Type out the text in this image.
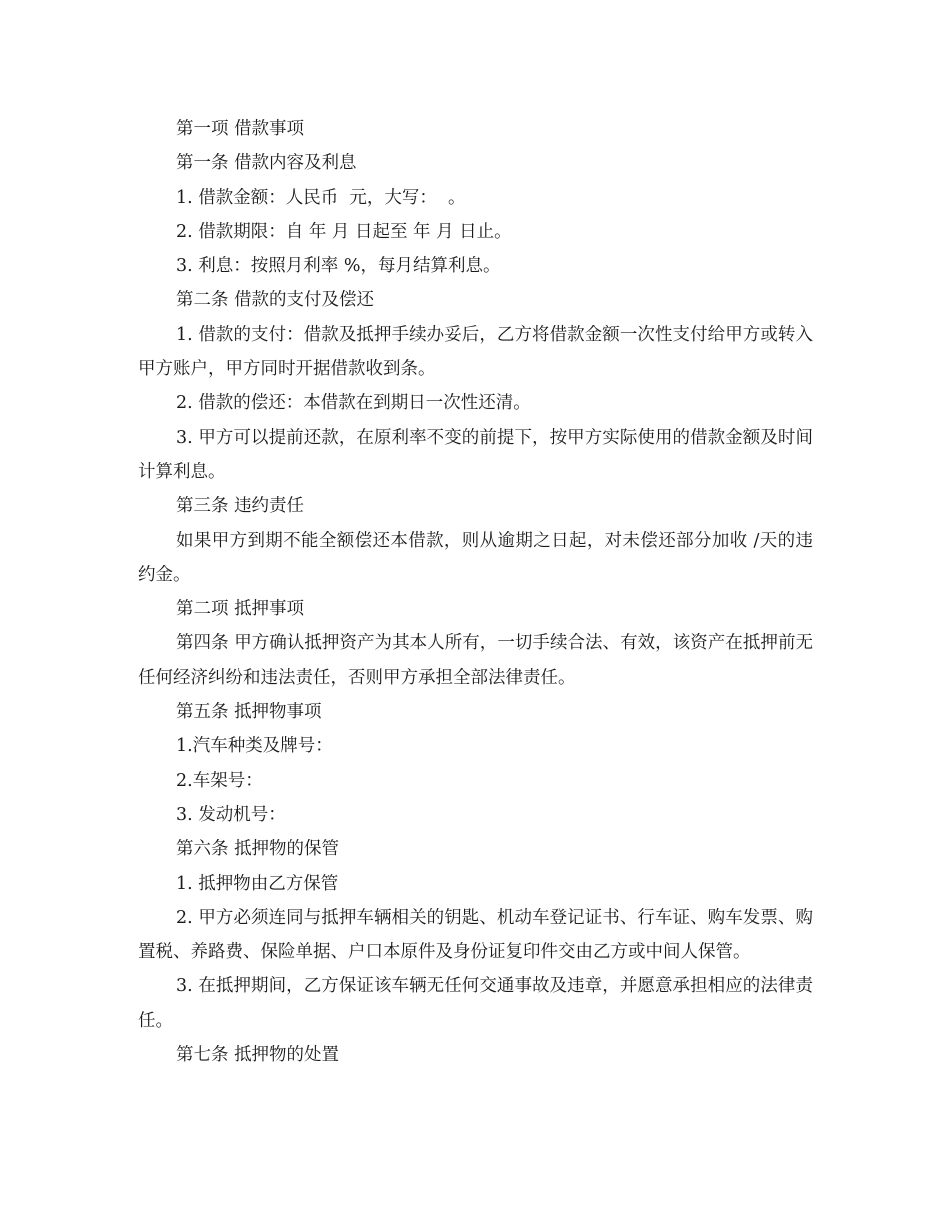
第一项 借款事项

第一条 借款内容及利息

1. 借款金额：人民币  元，大写：  。

2. 借款期限：自 年 月 日起至 年 月 日止。

3. 利息：按照月利率 %，每月结算利息。

第二条 借款的支付及偿还

1. 借款的支付：借款及抵押手续办妥后，乙方将借款金额一次性支付给甲方或转入甲方账户，甲方同时开据借款收到条。

2. 借款的偿还：本借款在到期日一次性还清。

3. 甲方可以提前还款，在原利率不变的前提下，按甲方实际使用的借款金额及时间计算利息。

第三条 违约责任

如果甲方到期不能全额偿还本借款，则从逾期之日起，对未偿还部分加收 /天的违约金。

第二项 抵押事项

第四条 甲方确认抵押资产为其本人所有，一切手续合法、有效，该资产在抵押前无任何经济纠纷和违法责任，否则甲方承担全部法律责任。

第五条 抵押物事项

1.汽车种类及牌号：

2.车架号：

3. 发动机号：

第六条 抵押物的保管

1. 抵押物由乙方保管

2. 甲方必须连同与抵押车辆相关的钥匙、机动车登记证书、行车证、购车发票、购置税、养路费、保险单据、户口本原件及身份证复印件交由乙方或中间人保管。

3. 在抵押期间，乙方保证该车辆无任何交通事故及违章，并愿意承担相应的法律责任。

第七条 抵押物的处置
